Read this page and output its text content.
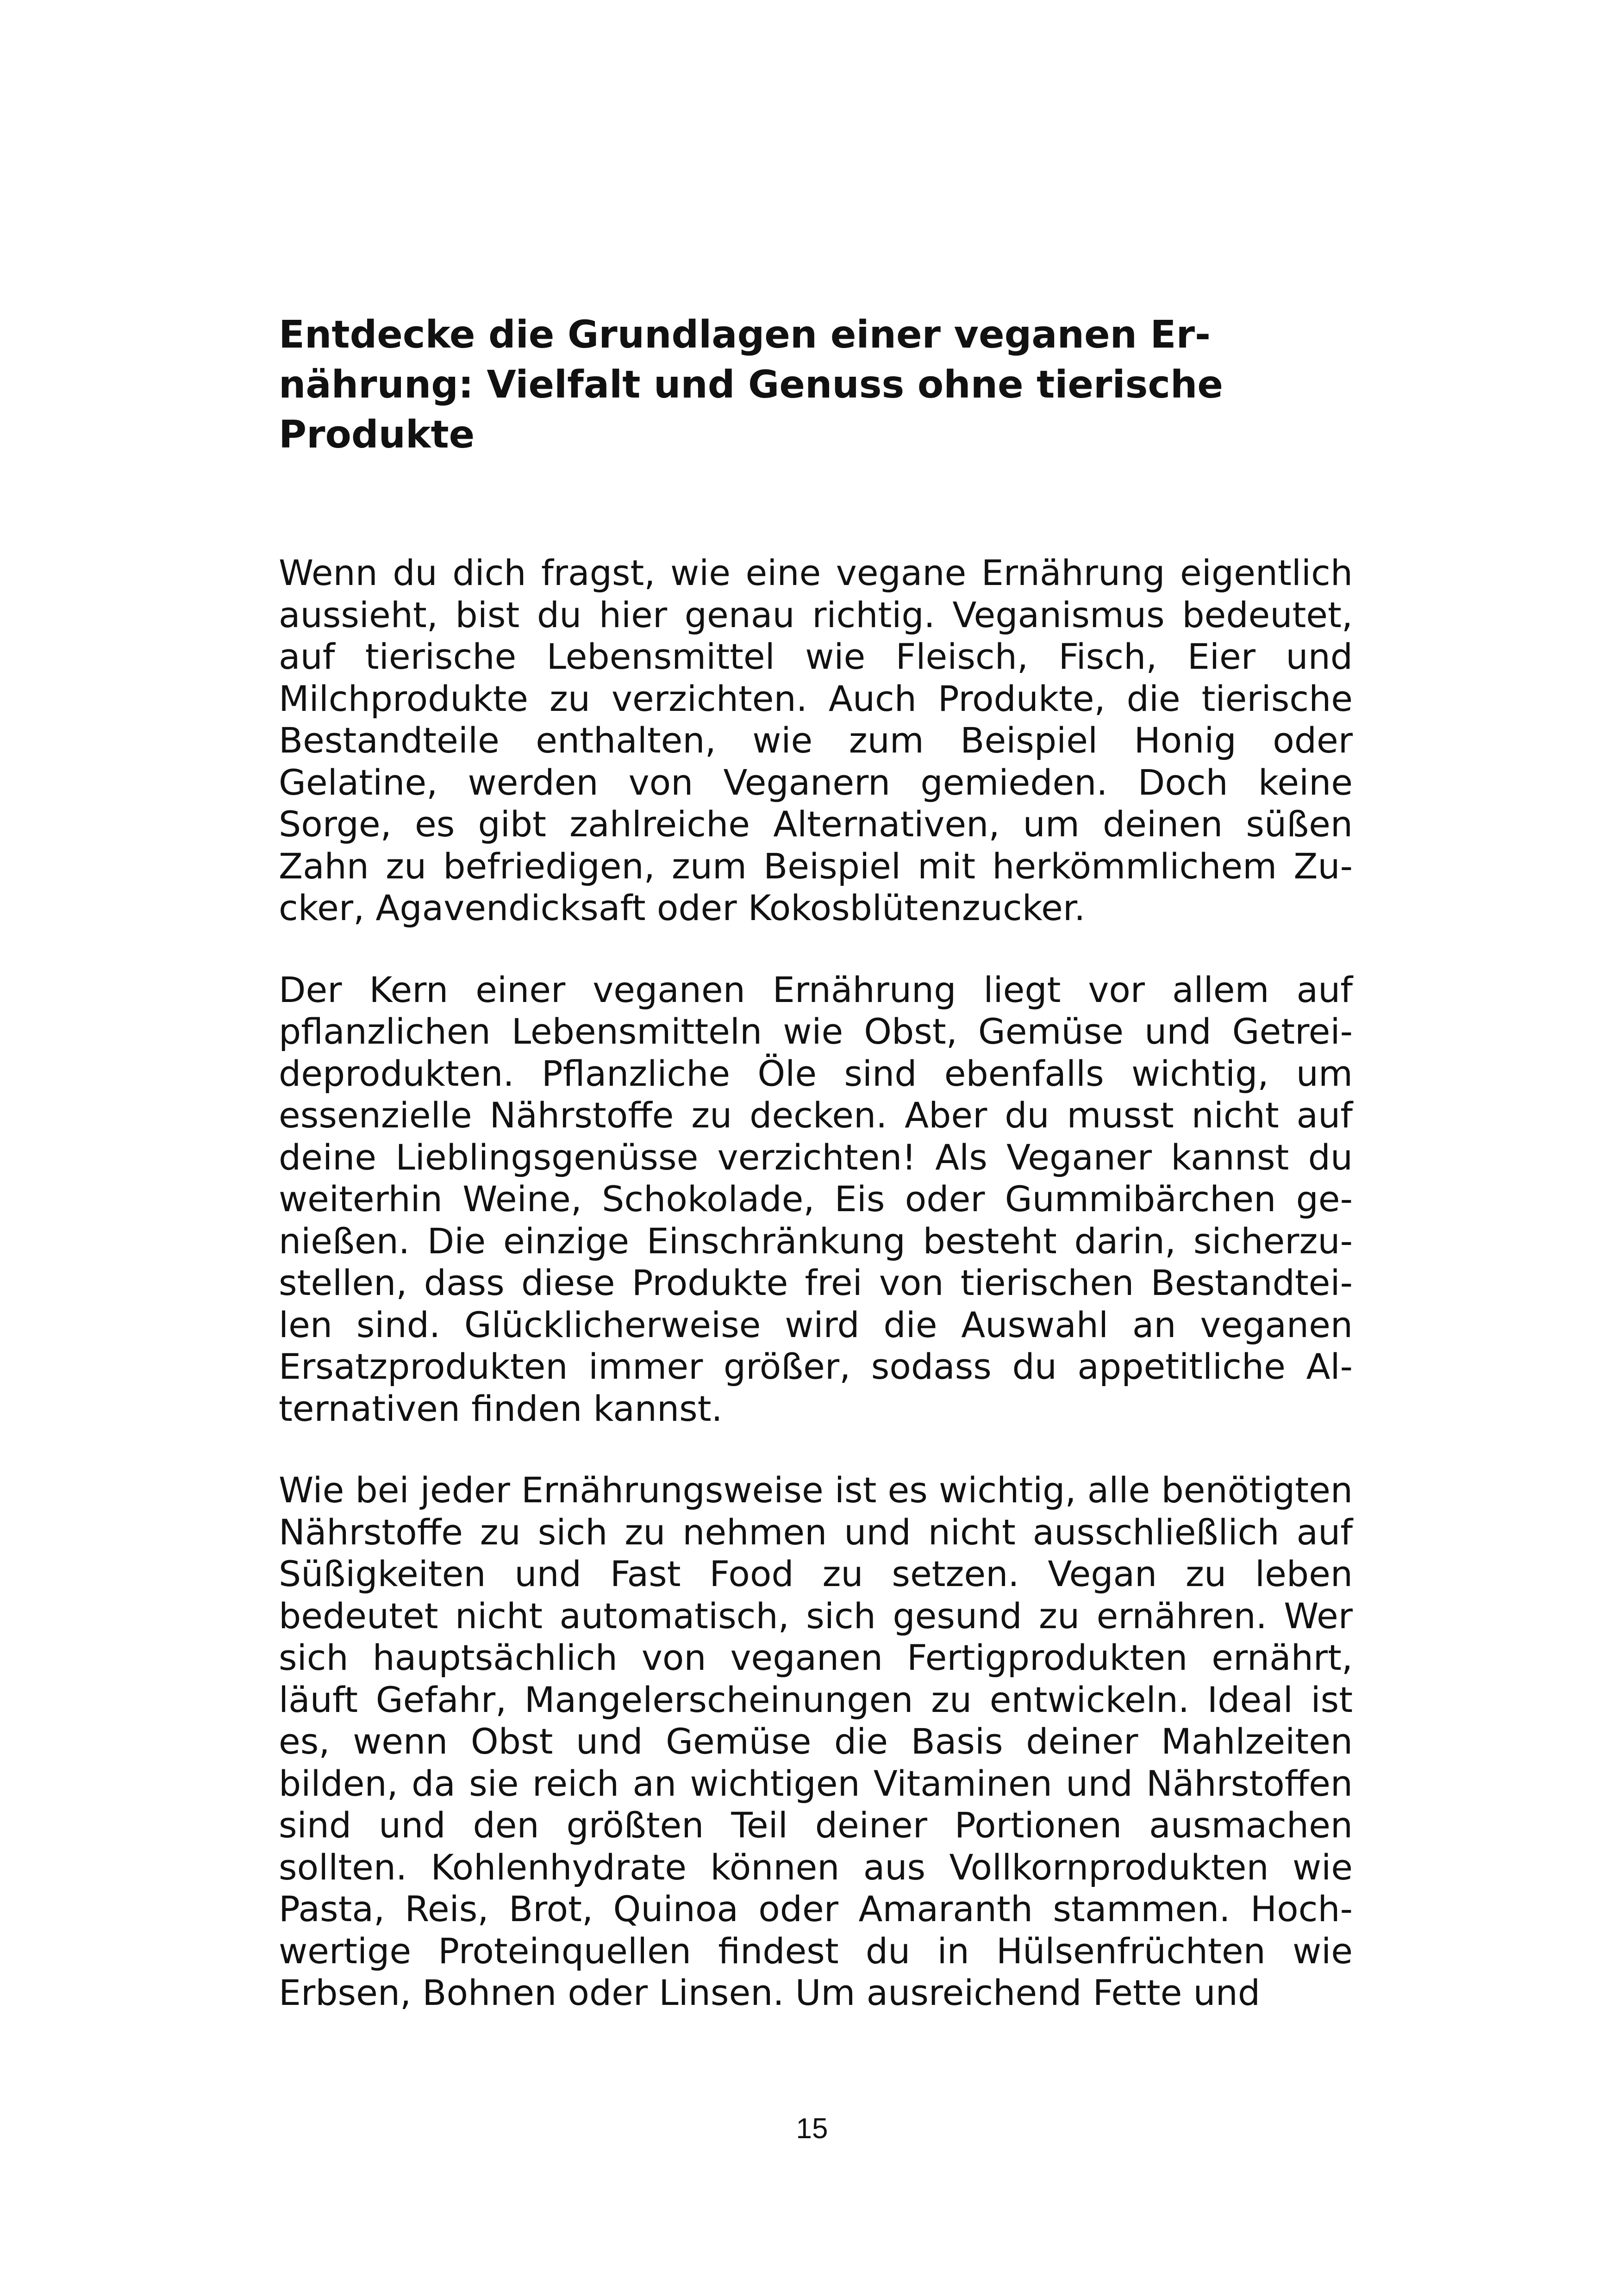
Entdecke die Grundlagen einer veganen Ernährung: Vielfalt und Genuss ohne tierische Produkte

Wenn du dich fragst, wie eine vegane Ernährung eigentlich aussieht, bist du hier genau richtig. Veganismus bedeutet, auf tierische Lebensmittel wie Fleisch, Fisch, Eier und Milchprodukte zu verzichten. Auch Produkte, die tierische Bestandteile enthalten, wie zum Beispiel Honig oder Gelatine, werden von Veganern gemieden. Doch keine Sorge, es gibt zahlreiche Alternativen, um deinen süßen Zahn zu befriedigen, zum Beispiel mit herkömmlichem Zucker, Agavendicksaft oder Kokosblütenzucker.

Der Kern einer veganen Ernährung liegt vor allem auf pflanzlichen Lebensmitteln wie Obst, Gemüse und Getreideprodukten. Pflanzliche Öle sind ebenfalls wichtig, um essenzielle Nährstoffe zu decken. Aber du musst nicht auf deine Lieblingsgenüsse verzichten! Als Veganer kannst du weiterhin Weine, Schokolade, Eis oder Gummibärchen genießen. Die einzige Einschränkung besteht darin, sicherzustellen, dass diese Produkte frei von tierischen Bestandteilen sind. Glücklicherweise wird die Auswahl an veganen Ersatzprodukten immer größer, sodass du appetitliche Alternativen finden kannst.

Wie bei jeder Ernährungsweise ist es wichtig, alle benötigten Nährstoffe zu sich zu nehmen und nicht ausschließlich auf Süßigkeiten und Fast Food zu setzen. Vegan zu leben bedeutet nicht automatisch, sich gesund zu ernähren. Wer sich hauptsächlich von veganen Fertigprodukten ernährt, läuft Gefahr, Mangelerscheinungen zu entwickeln. Ideal ist es, wenn Obst und Gemüse die Basis deiner Mahlzeiten bilden, da sie reich an wichtigen Vitaminen und Nährstoffen sind und den größten Teil deiner Portionen ausmachen sollten. Kohlenhydrate können aus Vollkornprodukten wie Pasta, Reis, Brot, Quinoa oder Amaranth stammen. Hochwertige Proteinquellen findest du in Hülsenfrüchten wie Erbsen, Bohnen oder Linsen. Um ausreichend Fette und

15
